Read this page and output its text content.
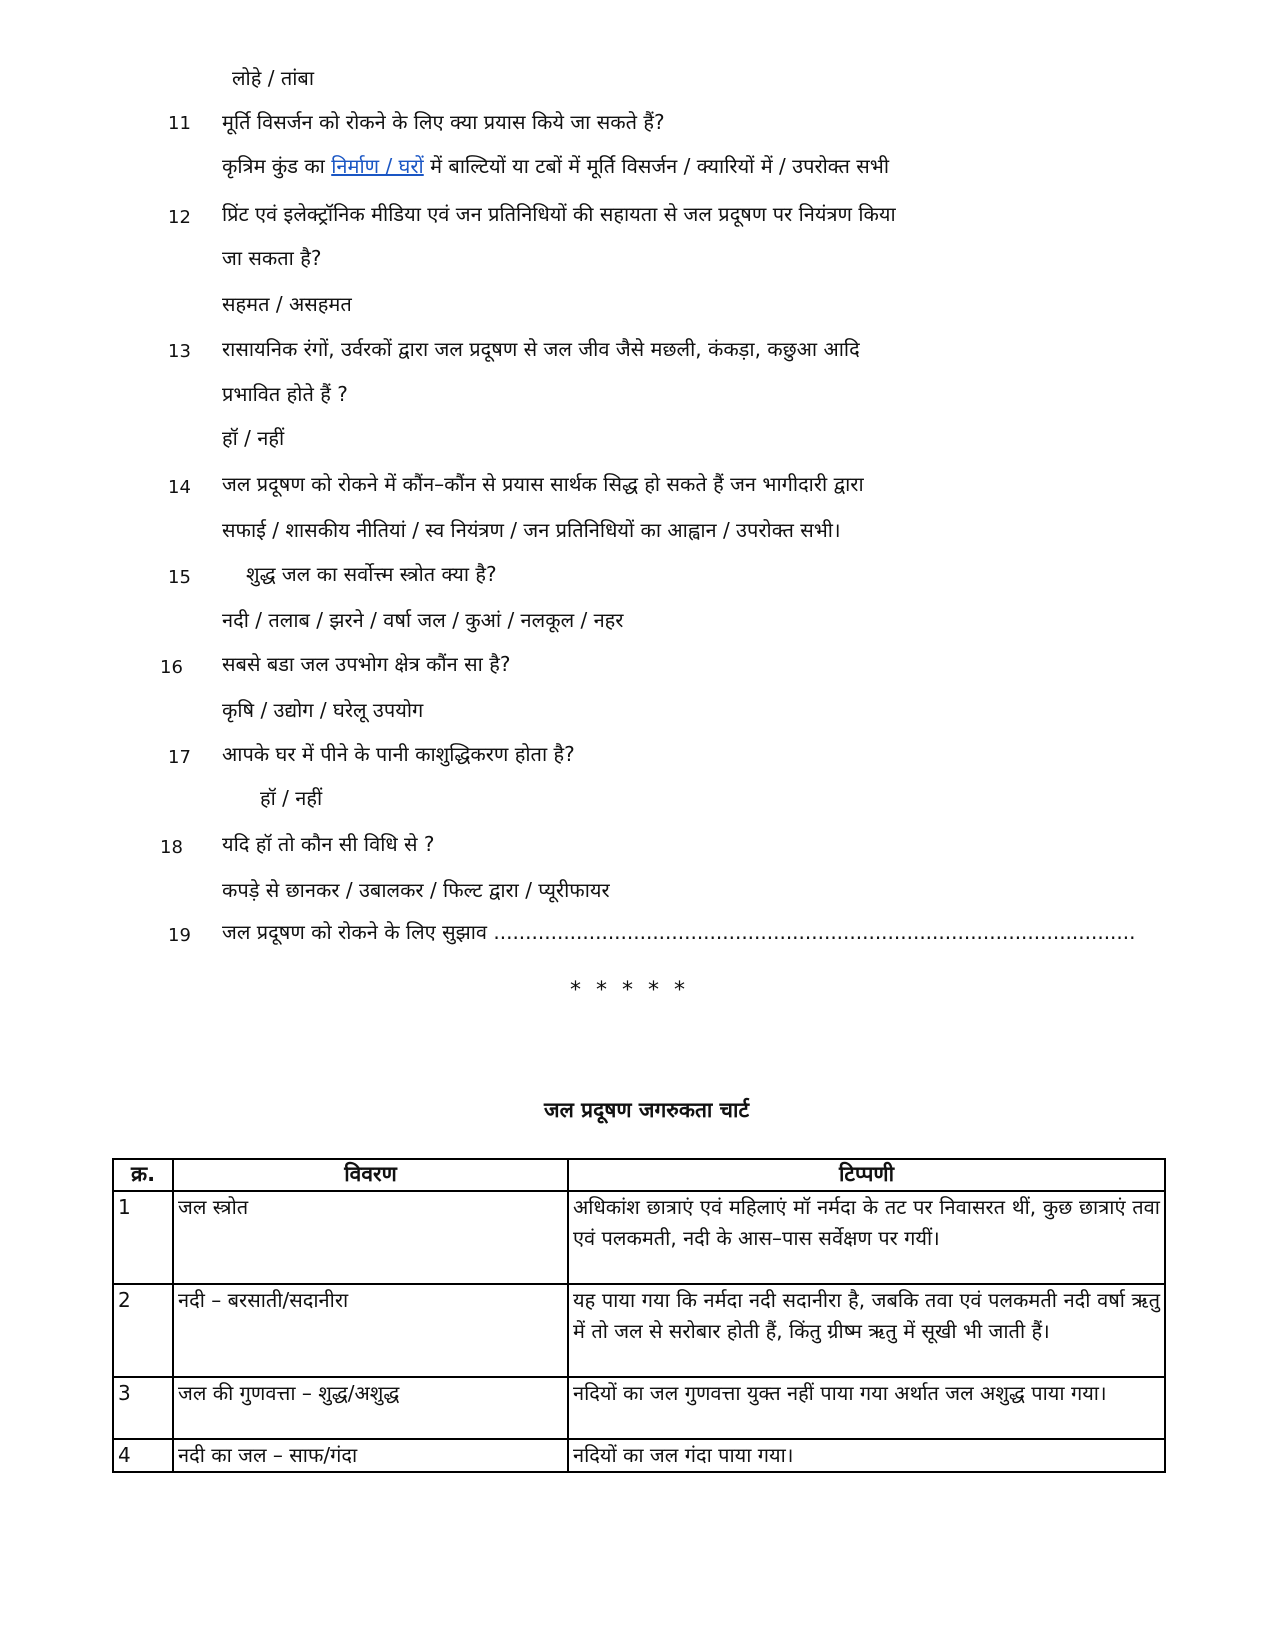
लोहे / तांबा
11 मूर्ति विसर्जन को रोकने के लिए क्या प्रयास किये जा सकते हैं?
कृत्रिम कुंड का निर्माण / घरों में बाल्टियों या टबों में मूर्ति विसर्जन / क्यारियों में / उपरोक्त सभी
12 प्रिंट एवं इलेक्ट्रॉनिक मीडिया एवं जन प्रतिनिधियों की सहायता से जल प्रदूषण पर नियंत्रण किया
जा सकता है?
सहमत / असहमत
13 रासायनिक रंगों, उर्वरकों द्वारा जल प्रदूषण से जल जीव जैसे मछली, कंकड़ा, कछुआ आदि
प्रभावित होते हैं ?
हॉ / नहीं
14 जल प्रदूषण को रोकने में कौंन–कौंन से प्रयास सार्थक सिद्ध हो सकते हैं जन भागीदारी द्वारा
सफाई / शासकीय नीतियां / स्व नियंत्रण / जन प्रतिनिधियों का आह्वान / उपरोक्त सभी।
15	शुद्ध जल का सर्वोत्त्म स्त्रोत क्या है?
नदी / तलाब / झरने / वर्षा जल / कुआं / नलकूल / नहर
16 सबसे बडा जल उपभोग क्षेत्र कौंन सा है?
कृषि / उद्योग / घरेलू उपयोग
17 आपके घर में पीने के पानी काशुद्धिकरण होता है?
हॉ / नहीं
18 यदि हॉ तो कौन सी विधि से ?
कपड़े से छानकर / उबालकर / फिल्ट द्वारा / प्यूरीफायर
19 जल प्रदूषण को रोकने के लिए सुझाव .....................................................................................................
* * * * *
जल प्रदूषण जगरुकता चार्ट
क्र.	विवरण	टिप्पणी
1	जल स्त्रोत	अधिकांश छात्राएं एवं महिलाएं मॉ नर्मदा के तट पर निवासरत थीं, कुछ छात्राएं तवा एवं पलकमती, नदी के आस–पास सर्वेक्षण पर गयीं।
2	नदी – बरसाती/सदानीरा	यह पाया गया कि नर्मदा नदी सदानीरा है, जबकि तवा एवं पलकमती नदी वर्षा ऋतु में तो जल से सरोबार होती हैं, किंतु ग्रीष्म ऋतु में सूखी भी जाती हैं।
3	जल की गुणवत्ता – शुद्ध/अशुद्ध	नदियों का जल गुणवत्ता युक्त नहीं पाया गया अर्थात जल अशुद्ध पाया गया।
4	नदी का जल – साफ/गंदा	नदियों का जल गंदा पाया गया।
